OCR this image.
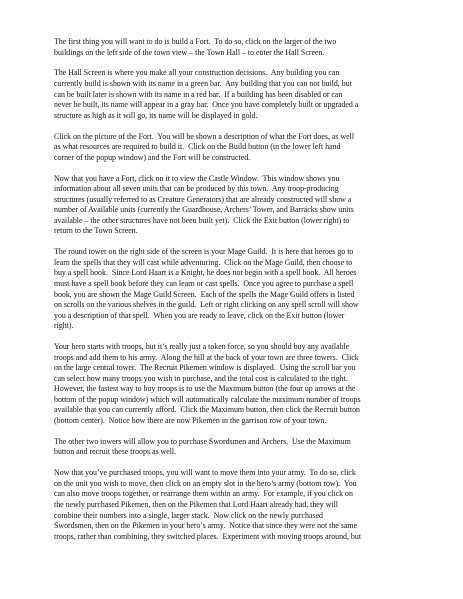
The first thing you will want to do is build a Fort.  To do so, click on the larger of the two
buildings on the left side of the town view – the Town Hall – to enter the Hall Screen.

The Hall Screen is where you make all your construction decisions.  Any building you can
currently build is shown with its name in a green bar.  Any building that you can not build, but
can be built later is shown with its name in a red bar.  If a building has been disabled or can
never be built, its name will appear in a gray bar.  Once you have completely built or upgraded a
structure as high as it will go, its name will be displayed in gold.

Click on the picture of the Fort.  You will be shown a description of what the Fort does, as well
as what resources are required to build it.  Click on the Build button (in the lower left hand
corner of the popup window) and the Fort will be constructed.

Now that you have a Fort, click on it to view the Castle Window.  This window shows you
information about all seven units that can be produced by this town.  Any troop-producing
structures (usually referred to as Creature Generators) that are already constructed will show a
number of Available units (currently the Guardhouse, Archers’ Tower, and Barracks show units
available – the other structures have not been built yet).  Click the Exit button (lower right) to
return to the Town Screen.

The round tower on the right side of the screen is your Mage Guild.  It is here that heroes go to
learn the spells that they will cast while adventuring.  Click on the Mage Guild, then choose to
buy a spell book.  Since Lord Haart is a Knight, he does not begin with a spell book.  All heroes
must have a spell book before they can learn or cast spells.  Once you agree to purchase a spell
book, you are shown the Mage Guild Screen.  Each of the spells the Mage Guild offers is listed
on scrolls on the various shelves in the guild.  Left or right clicking on any spell scroll will show
you a description of that spell.  When you are ready to leave, click on the Exit button (lower
right).

Your hero starts with troops, but it’s really just a token force, so you should buy any available
troops and add them to his army.  Along the hill at the back of your town are three towers.  Click
on the large central tower.  The Recruit Pikemen window is displayed.  Using the scroll bar you
can select how many troops you wish to purchase, and the total cost is calculated to the right.
However, the fastest way to buy troops is to use the Maximum button (the four up arrows at the
bottom of the popup window) which will automatically calculate the maximum number of troops
available that you can currently afford.  Click the Maximum button, then click the Recruit button
(bottom center).  Notice how there are now Pikemen in the garrison row of your town.

The other two towers will allow you to purchase Swordsmen and Archers.  Use the Maximum
button and recruit these troops as well.

Now that you’ve purchased troops, you will want to move them into your army.  To do so, click
on the unit you wish to move, then click on an empty slot in the hero’s army (bottom row).  You
can also move troops together, or rearrange them within an army.  For example, if you click on
the newly purchased Pikemen, then on the Pikemen that Lord Haart already had, they will
combine their numbers into a single, larger stack.  Now click on the newly purchased
Swordsmen, then on the Pikemen in your hero’s army.  Notice that since they were not the same
troops, rather than combining, they switched places.  Experiment with moving troops around, but
